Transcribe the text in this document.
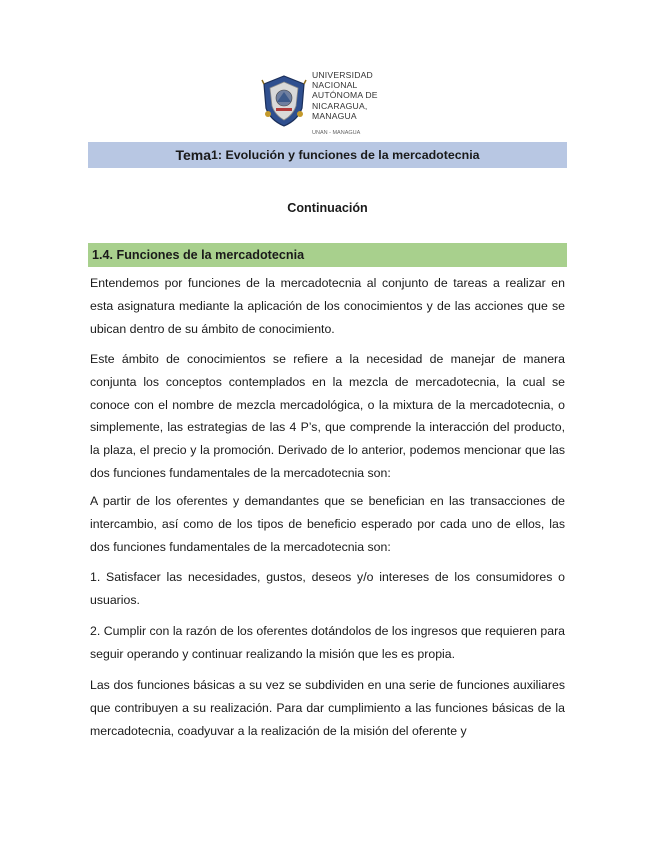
UNIVERSIDAD
NACIONAL
AUTÓNOMA DE
NICARAGUA,
MANAGUA
UNAN - MANAGUA
Tema 1: Evolución y funciones de la mercadotecnia
Continuación
1.4. Funciones de la mercadotecnia

Entendemos por funciones de la mercadotecnia al conjunto de tareas a realizar en esta asignatura mediante la aplicación de los conocimientos y de las acciones que se ubican dentro de su ámbito de conocimiento.

Este ámbito de conocimientos se refiere a la necesidad de manejar de manera conjunta los conceptos contemplados en la mezcla de mercadotecnia, la cual se conoce con el nombre de mezcla mercadológica, o la mixtura de la mercadotecnia, o simplemente, las estrategias de las 4 P’s, que comprende la interacción del producto, la plaza, el precio y la promoción. Derivado de lo anterior, podemos mencionar que las dos funciones fundamentales de la mercadotecnia son:

A partir de los oferentes y demandantes que se benefician en las transacciones de intercambio, así como de los tipos de beneficio esperado por cada uno de ellos, las dos funciones fundamentales de la mercadotecnia son:

1. Satisfacer las necesidades, gustos, deseos y/o intereses de los consumidores o usuarios.

2. Cumplir con la razón de los oferentes dotándolos de los ingresos que requieren para seguir operando y continuar realizando la misión que les es propia.

Las dos funciones básicas a su vez se subdividen en una serie de funciones auxiliares que contribuyen a su realización. Para dar cumplimiento a las funciones básicas de la mercadotecnia, coadyuvar a la realización de la misión del oferente y
